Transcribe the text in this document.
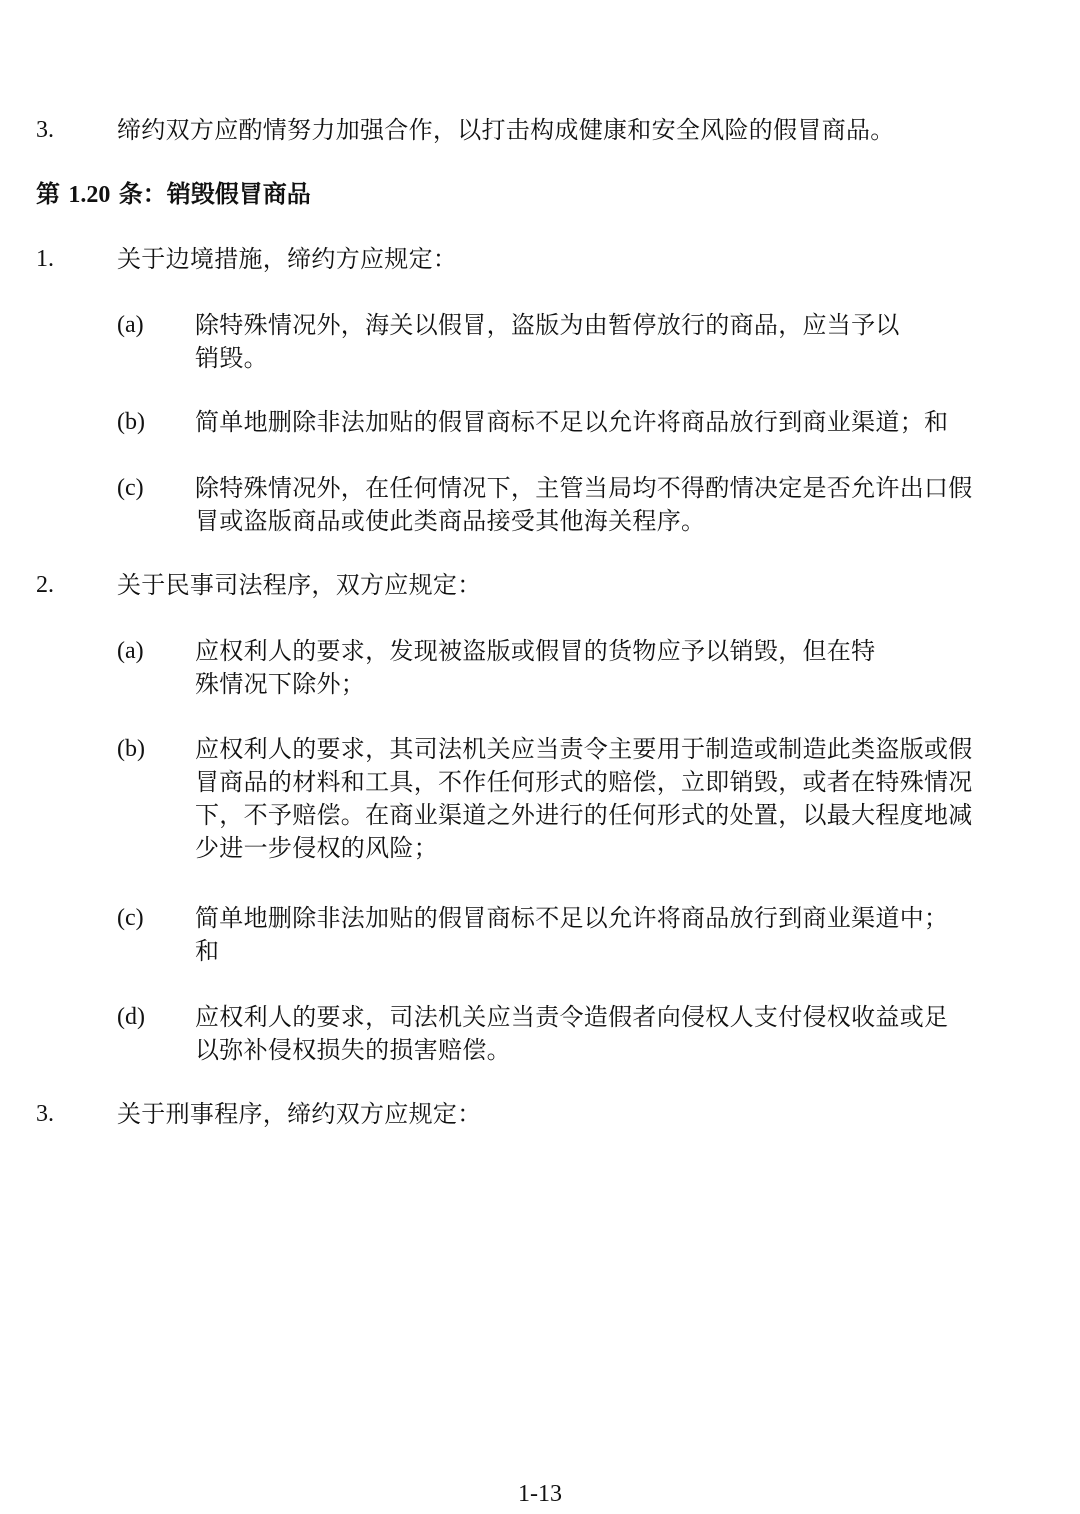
3.	缔约双方应酌情努力加强合作，以打击构成健康和安全风险的假冒商品。
第 1.20 条：销毁假冒商品
1.	关于边境措施，缔约方应规定：
(a) 除特殊情况外，海关以假冒，盗版为由暂停放行的商品，应当予以
销毁。
(b) 简单地删除非法加贴的假冒商标不足以允许将商品放行到商业渠道；和
(c) 除特殊情况外，在任何情况下，主管当局均不得酌情决定是否允许出口假
冒或盗版商品或使此类商品接受其他海关程序。
2.	关于民事司法程序，双方应规定：
(a) 应权利人的要求，发现被盗版或假冒的货物应予以销毁，但在特
殊情况下除外；
(b) 应权利人的要求，其司法机关应当责令主要用于制造或制造此类盗版或假
冒商品的材料和工具，不作任何形式的赔偿，立即销毁，或者在特殊情况
下，不予赔偿。在商业渠道之外进行的任何形式的处置，以最大程度地减
少进一步侵权的风险；
(c) 简单地删除非法加贴的假冒商标不足以允许将商品放行到商业渠道中；
和
(d) 应权利人的要求，司法机关应当责令造假者向侵权人支付侵权收益或足
以弥补侵权损失的损害赔偿。
3.	关于刑事程序，缔约双方应规定：
1-13
